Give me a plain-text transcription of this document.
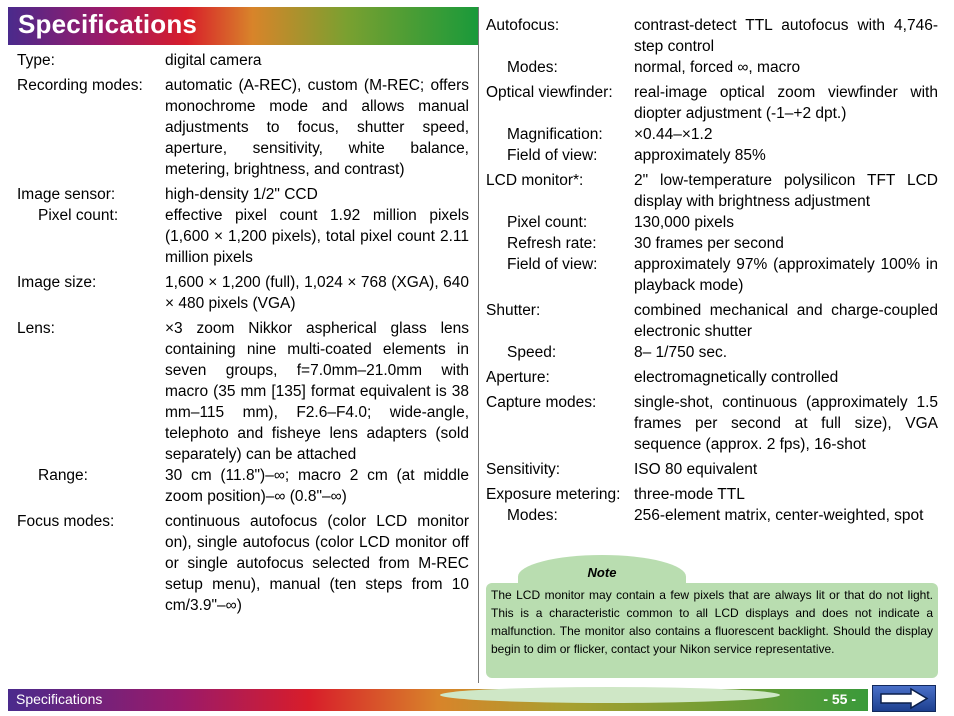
Specifications
Type:	digital camera
Recording modes:	automatic (A-REC), custom (M-REC; offers monochrome mode and allows manual adjustments to focus, shutter speed, aperture, sensitivity, white balance, metering, brightness, and contrast)
Image sensor:	high-density 1/2" CCD
Pixel count:	effective pixel count 1.92 million pixels (1,600 × 1,200 pixels), total pixel count 2.11 million pixels
Image size:	1,600 × 1,200 (full), 1,024 × 768 (XGA), 640 × 480 pixels (VGA)
Lens:	×3 zoom Nikkor aspherical glass lens containing nine multi-coated elements in seven groups, f=7.0mm–21.0mm with macro (35 mm [135] format equivalent is 38 mm–115 mm), F2.6–F4.0; wide-angle, telephoto and fisheye lens adapters (sold separately) can be attached
Range:	30 cm (11.8")–∞; macro 2 cm (at middle zoom position)–∞ (0.8"–∞)
Focus modes:	continuous autofocus (color LCD monitor on), single autofocus (color LCD monitor off or single autofocus selected from M-REC setup menu), manual (ten steps from 10 cm/3.9"–∞)
Autofocus:	contrast-detect TTL autofocus with 4,746-step control
Modes:	normal, forced ∞, macro
Optical viewfinder:	real-image optical zoom viewfinder with diopter adjustment (-1–+2 dpt.)
Magnification:	×0.44–×1.2
Field of view:	approximately 85%
LCD monitor*:	2" low-temperature polysilicon TFT LCD display with brightness adjustment
Pixel count:	130,000 pixels
Refresh rate:	30 frames per second
Field of view:	approximately 97% (approximately 100% in playback mode)
Shutter:	combined mechanical and charge-coupled electronic shutter
Speed:	8– 1/750 sec.
Aperture:	electromagnetically controlled
Capture modes:	single-shot, continuous (approximately 1.5 frames per second at full size), VGA sequence (approx. 2 fps), 16-shot
Sensitivity:	ISO 80 equivalent
Exposure metering: three-mode TTL
Modes:	256-element matrix, center-weighted, spot
Note
The LCD monitor may contain a few pixels that are always lit or that do not light. This is a characteristic common to all LCD displays and does not indicate a malfunction. The monitor also contains a fluorescent backlight. Should the display begin to dim or flicker, contact your Nikon service representative.
Specifications	- 55 -
